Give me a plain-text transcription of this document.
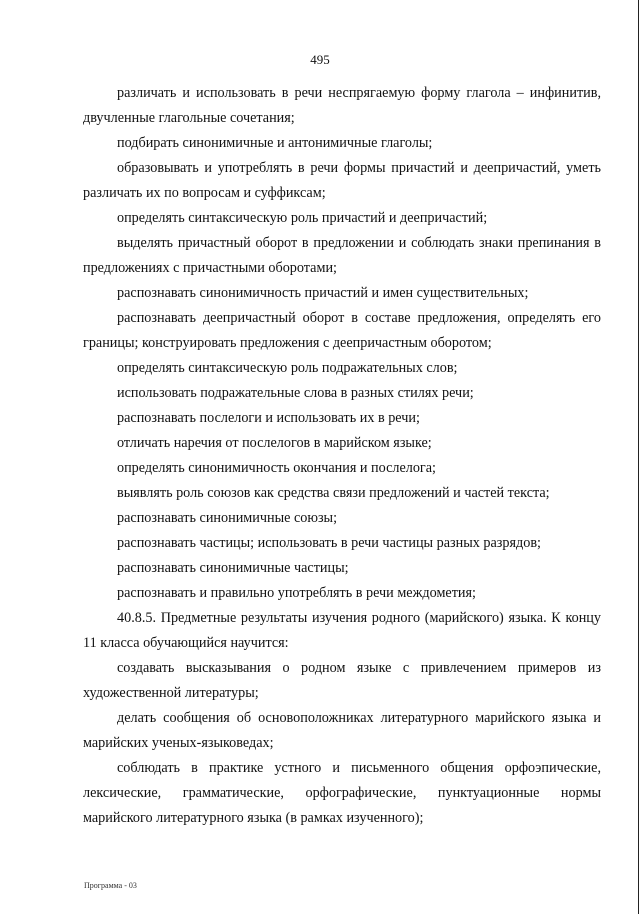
495

различать и использовать в речи неспрягаемую форму глагола – инфинитив, двучленные глагольные сочетания;

подбирать синонимичные и антонимичные глаголы;

образовывать и употреблять в речи формы причастий и деепричастий, уметь различать их по вопросам и суффиксам;

определять синтаксическую роль причастий и деепричастий;

выделять причастный оборот в предложении и соблюдать знаки препинания в предложениях с причастными оборотами;

распознавать синонимичность причастий и имен существительных;

распознавать деепричастный оборот в составе предложения, определять его границы; конструировать предложения с деепричастным оборотом;

определять синтаксическую роль подражательных слов;

использовать подражательные слова в разных стилях речи;

распознавать послелоги и использовать их в речи;

отличать наречия от послелогов в марийском языке;

определять синонимичность окончания и послелога;

выявлять роль союзов как средства связи предложений и частей текста;

распознавать синонимичные союзы;

распознавать частицы; использовать в речи частицы разных разрядов;

распознавать синонимичные частицы;

распознавать и правильно употреблять в речи междометия;

40.8.5. Предметные результаты изучения родного (марийского) языка. К концу 11 класса обучающийся научится:

создавать высказывания о родном языке с привлечением примеров из художественной литературы;

делать сообщения об основоположниках литературного марийского языка и марийских ученых-языковедах;

соблюдать в практике устного и письменного общения орфоэпические, лексические, грамматические, орфографические, пунктуационные нормы марийского литературного языка (в рамках изученного);

Программа - 03
